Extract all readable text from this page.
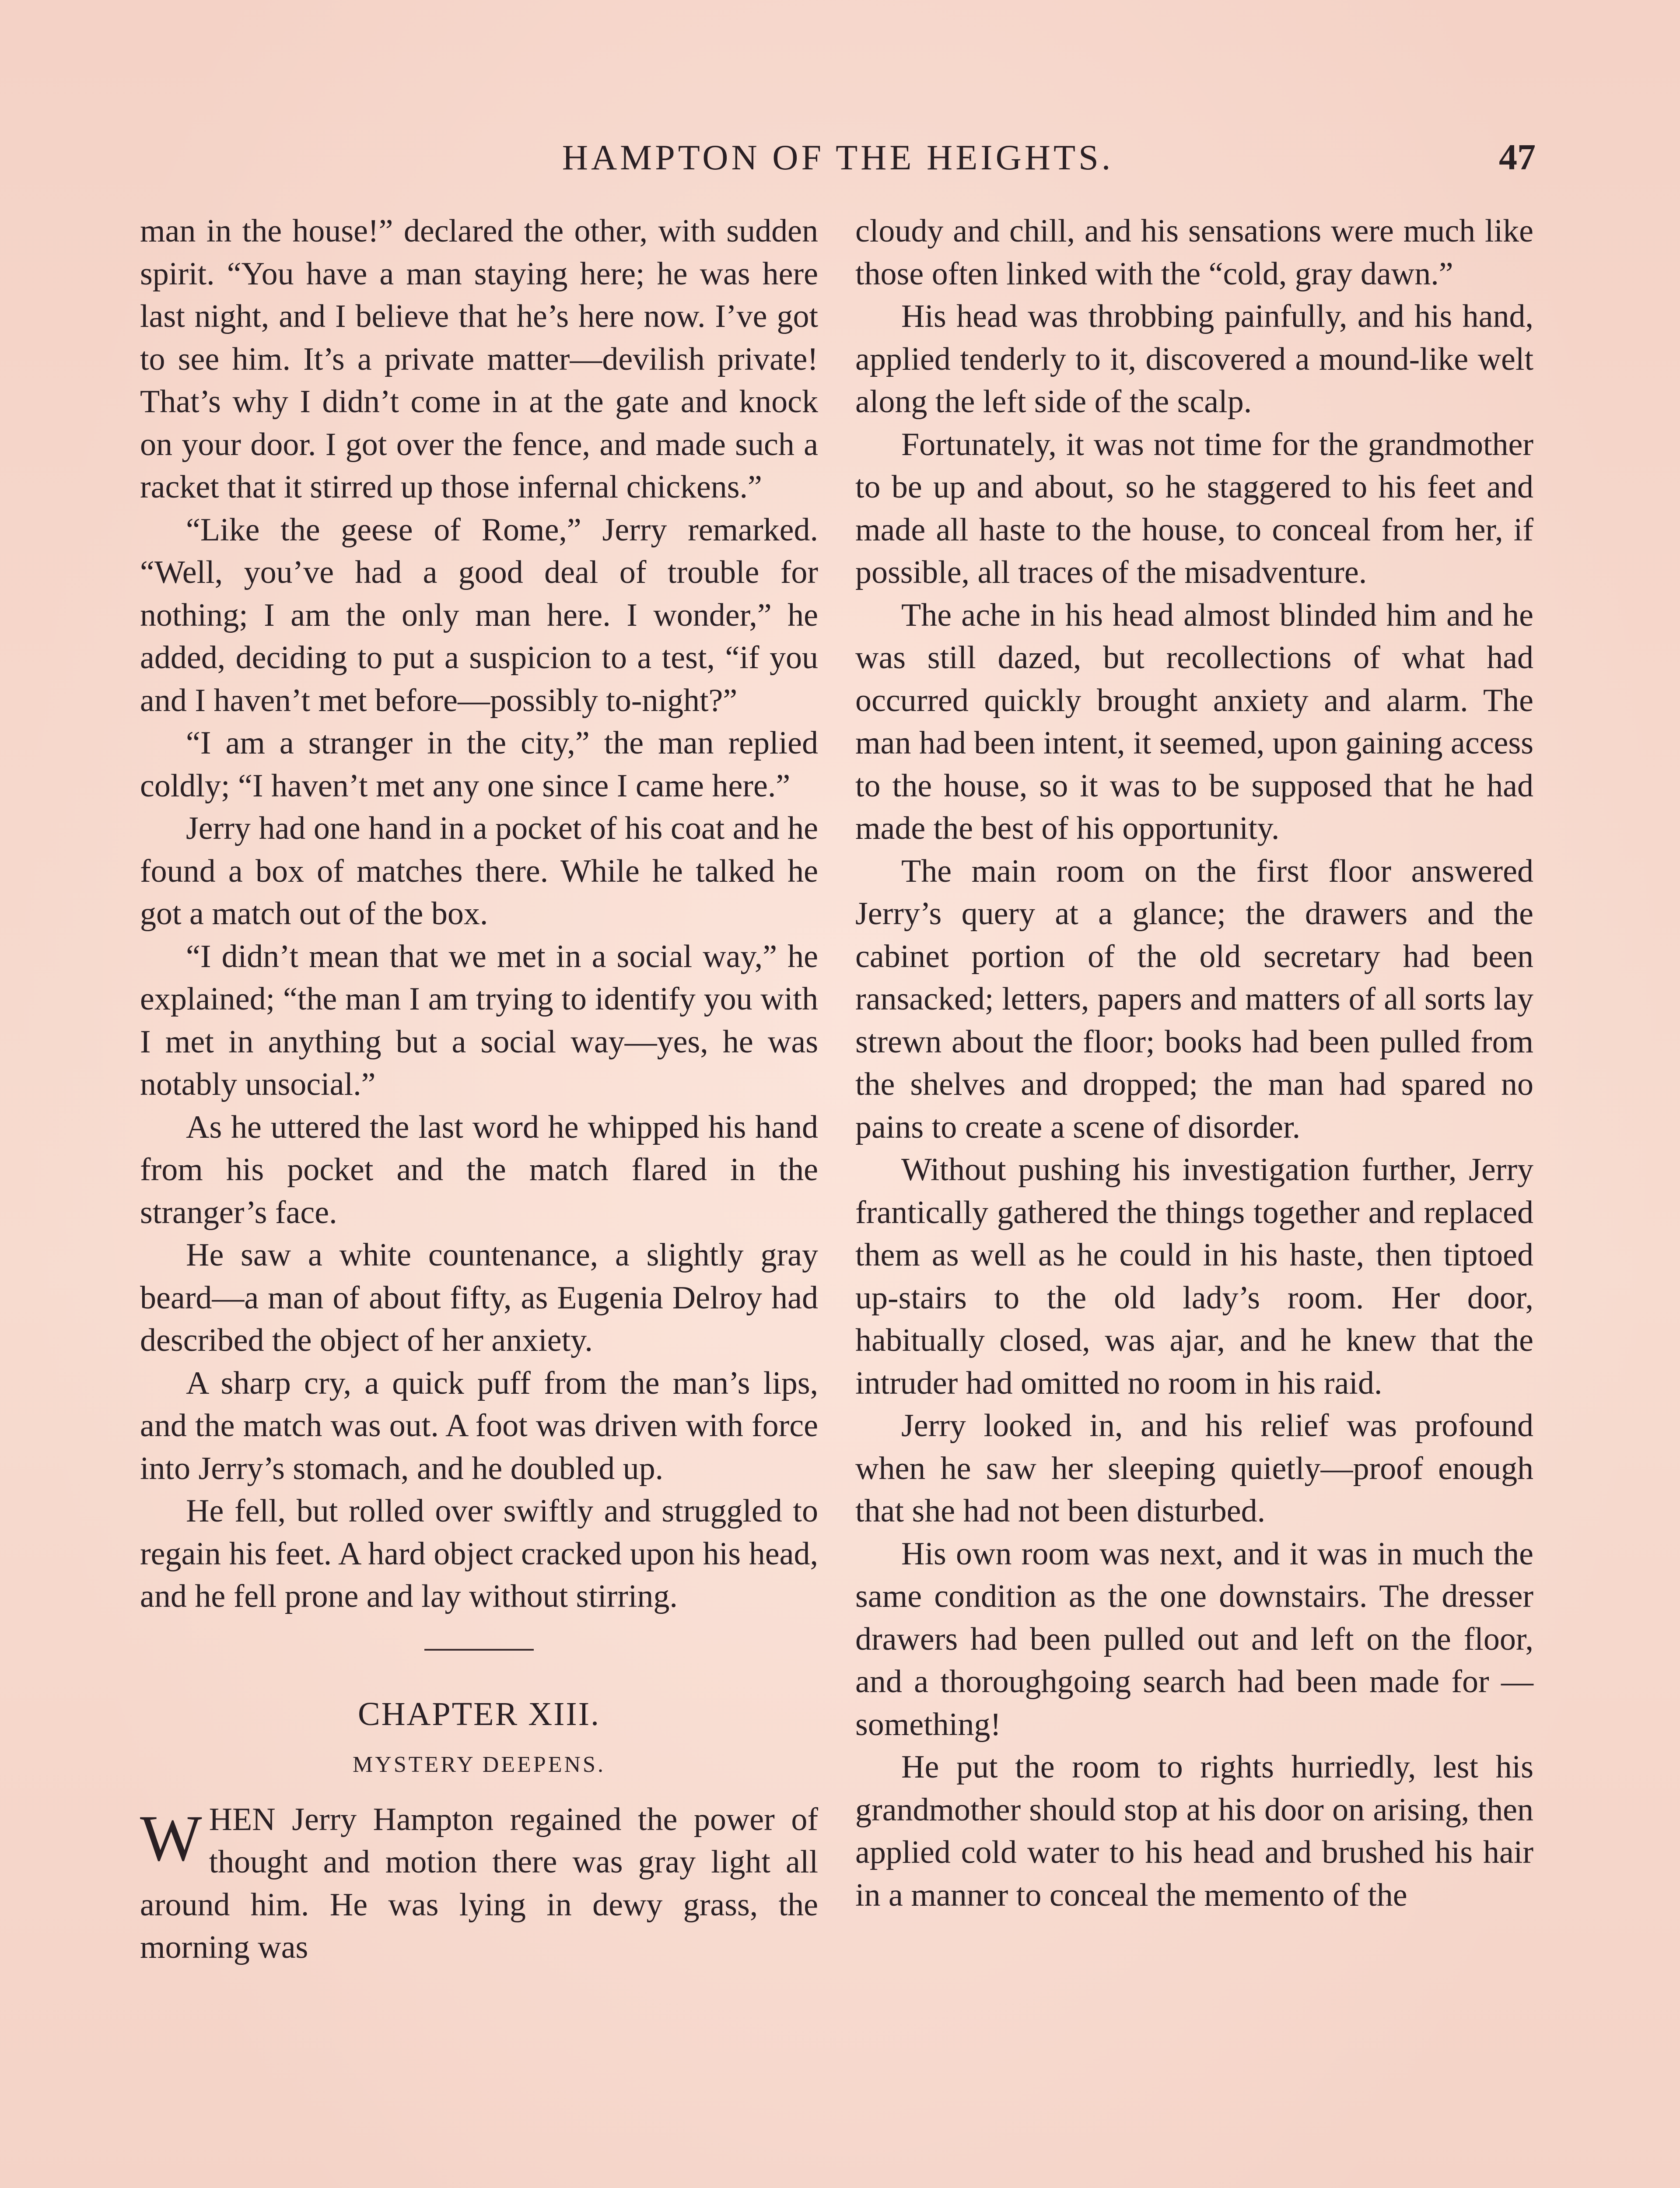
HAMPTON OF THE HEIGHTS.	47

man in the house!” declared the other, with sudden spirit. “You have a man staying here; he was here last night, and I believe that he’s here now. I’ve got to see him. It’s a private matter—devilish private! That’s why I didn’t come in at the gate and knock on your door. I got over the fence, and made such a racket that it stirred up those infernal chickens.”

“Like the geese of Rome,” Jerry remarked. “Well, you’ve had a good deal of trouble for nothing; I am the only man here. I wonder,” he added, deciding to put a suspicion to a test, “if you and I haven’t met before—possibly to-night?”

“I am a stranger in the city,” the man replied coldly; “I haven’t met any one since I came here.”

Jerry had one hand in a pocket of his coat and he found a box of matches there. While he talked he got a match out of the box.

“I didn’t mean that we met in a social way,” he explained; “the man I am trying to identify you with I met in anything but a social way—yes, he was notably unsocial.”

As he uttered the last word he whipped his hand from his pocket and the match flared in the stranger’s face.

He saw a white countenance, a slightly gray beard—a man of about fifty, as Eugenia Delroy had described the object of her anxiety.

A sharp cry, a quick puff from the man’s lips, and the match was out. A foot was driven with force into Jerry’s stomach, and he doubled up.

He fell, but rolled over swiftly and struggled to regain his feet. A hard object cracked upon his head, and he fell prone and lay without stirring.

CHAPTER XIII.
MYSTERY DEEPENS.

WHEN Jerry Hampton regained the power of thought and motion there was gray light all around him. He was lying in dewy grass, the morning was

cloudy and chill, and his sensations were much like those often linked with the “cold, gray dawn.”

His head was throbbing painfully, and his hand, applied tenderly to it, discovered a mound-like welt along the left side of the scalp.

Fortunately, it was not time for the grandmother to be up and about, so he staggered to his feet and made all haste to the house, to conceal from her, if possible, all traces of the misadventure.

The ache in his head almost blinded him and he was still dazed, but recollections of what had occurred quickly brought anxiety and alarm. The man had been intent, it seemed, upon gaining access to the house, so it was to be supposed that he had made the best of his opportunity.

The main room on the first floor answered Jerry’s query at a glance; the drawers and the cabinet portion of the old secretary had been ransacked; letters, papers and matters of all sorts lay strewn about the floor; books had been pulled from the shelves and dropped; the man had spared no pains to create a scene of disorder.

Without pushing his investigation further, Jerry frantically gathered the things together and replaced them as well as he could in his haste, then tiptoed up-stairs to the old lady’s room. Her door, habitually closed, was ajar, and he knew that the intruder had omitted no room in his raid.

Jerry looked in, and his relief was profound when he saw her sleeping quietly—proof enough that she had not been disturbed.

His own room was next, and it was in much the same condition as the one downstairs. The dresser drawers had been pulled out and left on the floor, and a thoroughgoing search had been made for —something!

He put the room to rights hurriedly, lest his grandmother should stop at his door on arising, then applied cold water to his head and brushed his hair in a manner to conceal the memento of the
